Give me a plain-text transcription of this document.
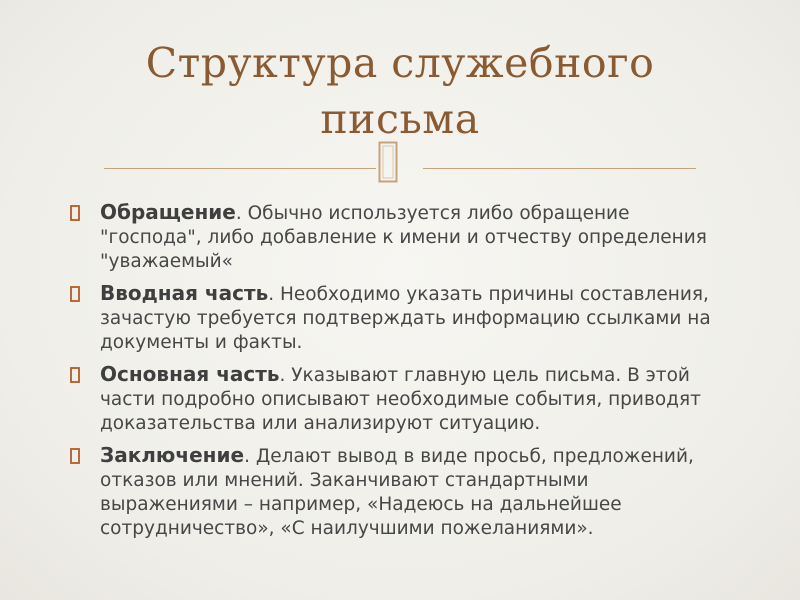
Структура служебного
письма
Обращение. Обычно используется либо обращение "господа", либо добавление к имени и отчеству определения "уважаемый«
Вводная часть. Необходимо указать причины составления, зачастую требуется подтверждать информацию ссылками на документы и факты.
Основная часть. Указывают главную цель письма. В этой части подробно описывают необходимые события, приводят доказательства или анализируют ситуацию.
Заключение. Делают вывод в виде просьб, предложений, отказов или мнений. Заканчивают стандартными выражениями – например, «Надеюсь на дальнейшее сотрудничество», «С наилучшими пожеланиями».
